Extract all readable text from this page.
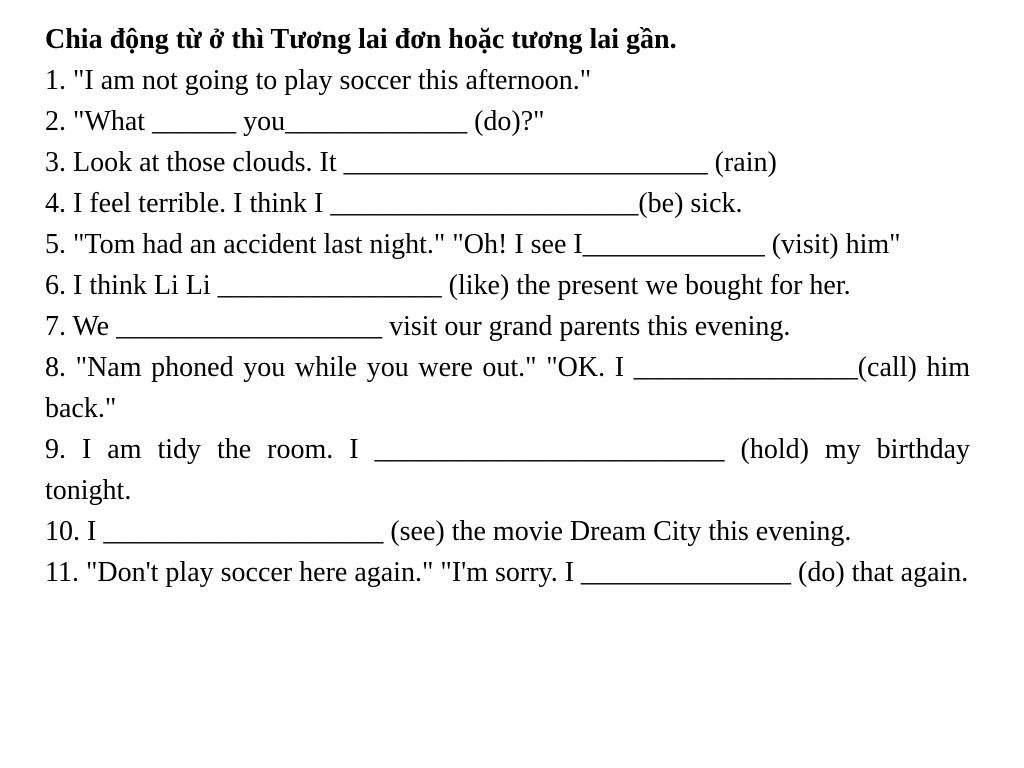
Chia động từ ở thì Tương lai đơn hoặc tương lai gần.

1. "I am not going to play soccer this afternoon."

2. "What ______ you_____________ (do)?"

3. Look at those clouds. It __________________________ (rain)

4. I feel terrible. I think I ______________________(be) sick.

5. "Tom had an accident last night." "Oh! I see I_____________ (visit) him"

6. I think Li Li ________________ (like) the present we bought for her.

7. We ___________________ visit our grand parents this evening.

8. "Nam phoned you while you were out." "OK. I ________________(call) him back."

9. I am tidy the room. I _________________________ (hold) my birthday tonight.

10. I ____________________ (see) the movie Dream City this evening.

11. "Don't play soccer here again." "I'm sorry. I _______________ (do) that again.
